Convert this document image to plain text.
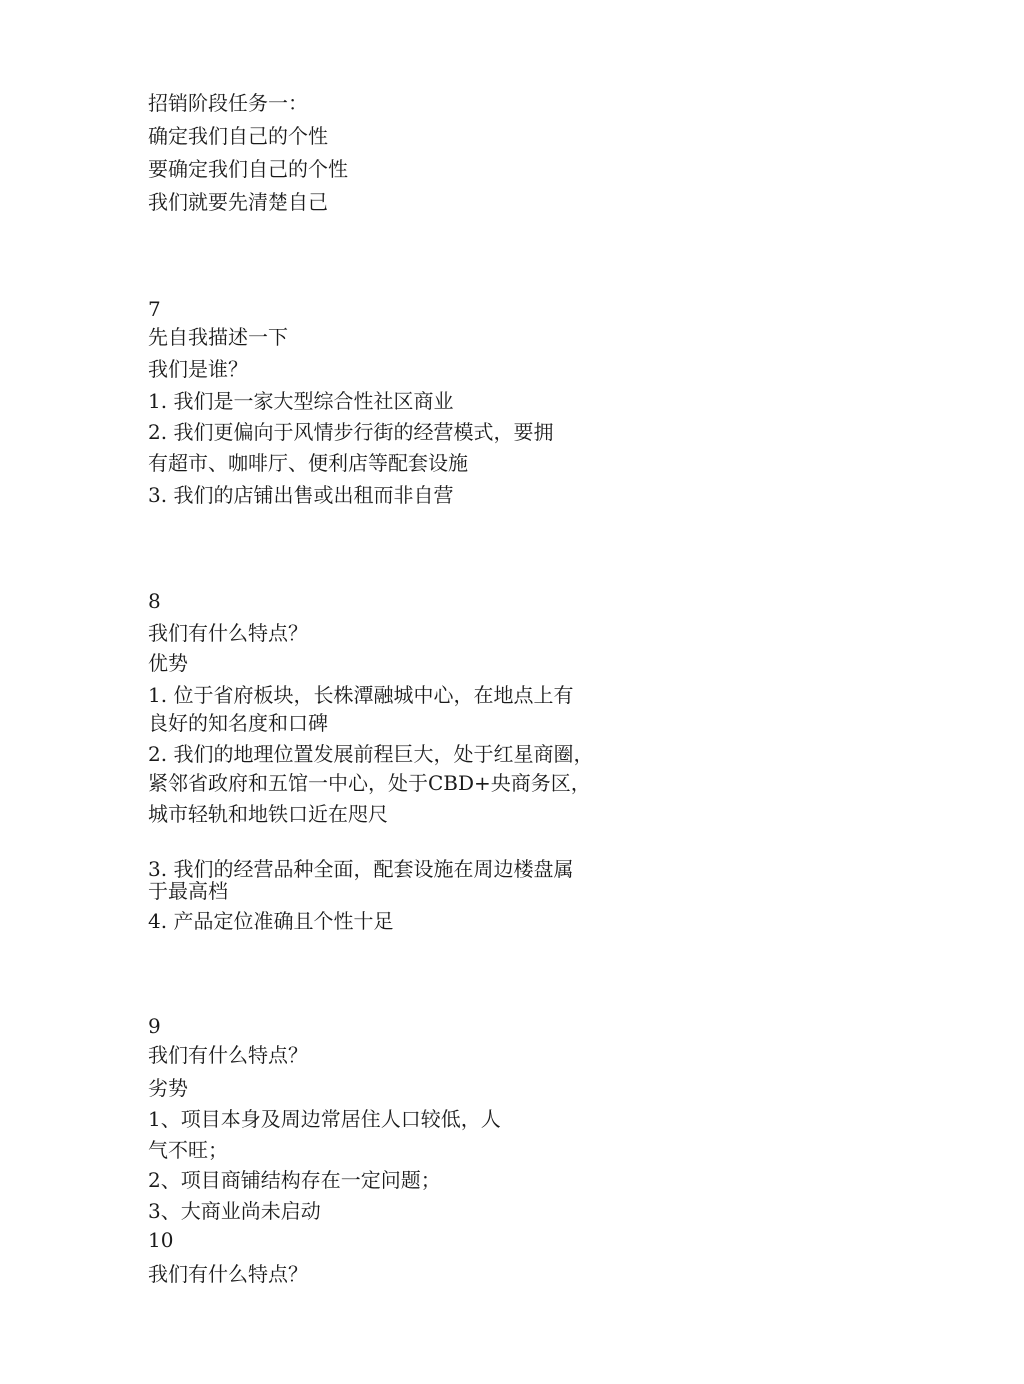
招销阶段任务一：
确定我们自己的个性
要确定我们自己的个性
我们就要先清楚自己
7
先自我描述一下
我们是谁？
1. 我们是一家大型综合性社区商业
2. 我们更偏向于风情步行街的经营模式，要拥
有超市、咖啡厅、便利店等配套设施
3. 我们的店铺出售或出租而非自营
8
我们有什么特点？
优势
1. 位于省府板块，长株潭融城中心，在地点上有
良好的知名度和口碑
2. 我们的地理位置发展前程巨大，处于红星商圈，
紧邻省政府和五馆一中心，处于CBD+央商务区，
城市轻轨和地铁口近在咫尺
3. 我们的经营品种全面，配套设施在周边楼盘属
于最高档
4. 产品定位准确且个性十足
9
我们有什么特点？
劣势
1、项目本身及周边常居住人口较低，人
气不旺；
2、项目商铺结构存在一定问题；
3、大商业尚未启动
10
我们有什么特点？
